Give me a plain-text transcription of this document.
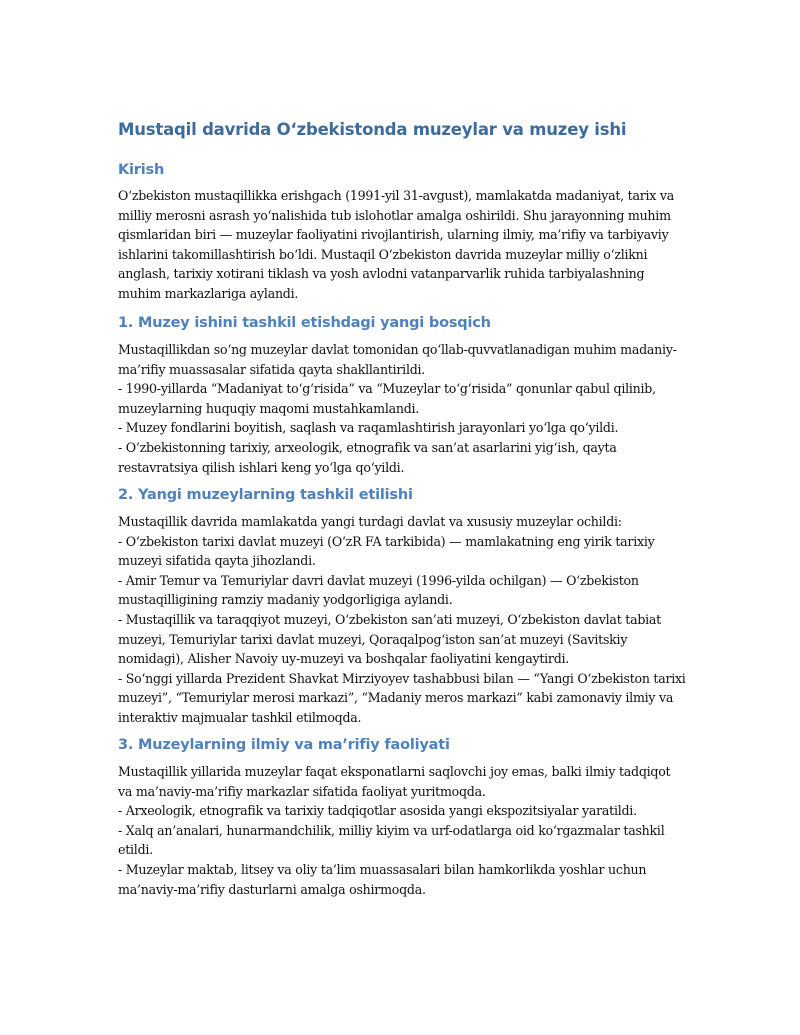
Mustaqil davrida O‘zbekistonda muzeylar va muzey ishi
Kirish
O‘zbekiston mustaqillikka erishgach (1991-yil 31-avgust), mamlakatda madaniyat, tarix va
milliy merosni asrash yo‘nalishida tub islohotlar amalga oshirildi. Shu jarayonning muhim
qismlaridan biri — muzeylar faoliyatini rivojlantirish, ularning ilmiy, ma’rifiy va tarbiyaviy
ishlarini takomillashtirish bo‘ldi. Mustaqil O‘zbekiston davrida muzeylar milliy o‘zlikni
anglash, tarixiy xotirani tiklash va yosh avlodni vatanparvarlik ruhida tarbiyalashning
muhim markazlariga aylandi.
1. Muzey ishini tashkil etishdagi yangi bosqich
Mustaqillikdan so‘ng muzeylar davlat tomonidan qo‘llab-quvvatlanadigan muhim madaniy-
ma’rifiy muassasalar sifatida qayta shakllantirildi.
- 1990-yillarda “Madaniyat to‘g‘risida” va “Muzeylar to‘g‘risida” qonunlar qabul qilinib,
muzeylarning huquqiy maqomi mustahkamlandi.
- Muzey fondlarini boyitish, saqlash va raqamlashtirish jarayonlari yo‘lga qo‘yildi.
- O‘zbekistonning tarixiy, arxeologik, etnografik va san’at asarlarini yig‘ish, qayta
restavratsiya qilish ishlari keng yo‘lga qo‘yildi.
2. Yangi muzeylarning tashkil etilishi
Mustaqillik davrida mamlakatda yangi turdagi davlat va xususiy muzeylar ochildi:
- O‘zbekiston tarixi davlat muzeyi (O‘zR FA tarkibida) — mamlakatning eng yirik tarixiy
muzeyi sifatida qayta jihozlandi.
- Amir Temur va Temuriylar davri davlat muzeyi (1996-yilda ochilgan) — O‘zbekiston
mustaqilligining ramziy madaniy yodgorligiga aylandi.
- Mustaqillik va taraqqiyot muzeyi, O‘zbekiston san’ati muzeyi, O‘zbekiston davlat tabiat
muzeyi, Temuriylar tarixi davlat muzeyi, Qoraqalpog‘iston san’at muzeyi (Savitskiy
nomidagi), Alisher Navoiy uy-muzeyi va boshqalar faoliyatini kengaytirdi.
- So‘nggi yillarda Prezident Shavkat Mirziyoyev tashabbusi bilan — “Yangi O‘zbekiston tarixi
muzeyi”, “Temuriylar merosi markazi”, “Madaniy meros markazi” kabi zamonaviy ilmiy va
interaktiv majmualar tashkil etilmoqda.
3. Muzeylarning ilmiy va ma’rifiy faoliyati
Mustaqillik yillarida muzeylar faqat eksponatlarni saqlovchi joy emas, balki ilmiy tadqiqot
va ma’naviy-ma’rifiy markazlar sifatida faoliyat yuritmoqda.
- Arxeologik, etnografik va tarixiy tadqiqotlar asosida yangi ekspozitsiyalar yaratildi.
- Xalq an’analari, hunarmandchilik, milliy kiyim va urf-odatlarga oid ko‘rgazmalar tashkil
etildi.
- Muzeylar maktab, litsey va oliy ta’lim muassasalari bilan hamkorlikda yoshlar uchun
ma’naviy-ma’rifiy dasturlarni amalga oshirmoqda.
